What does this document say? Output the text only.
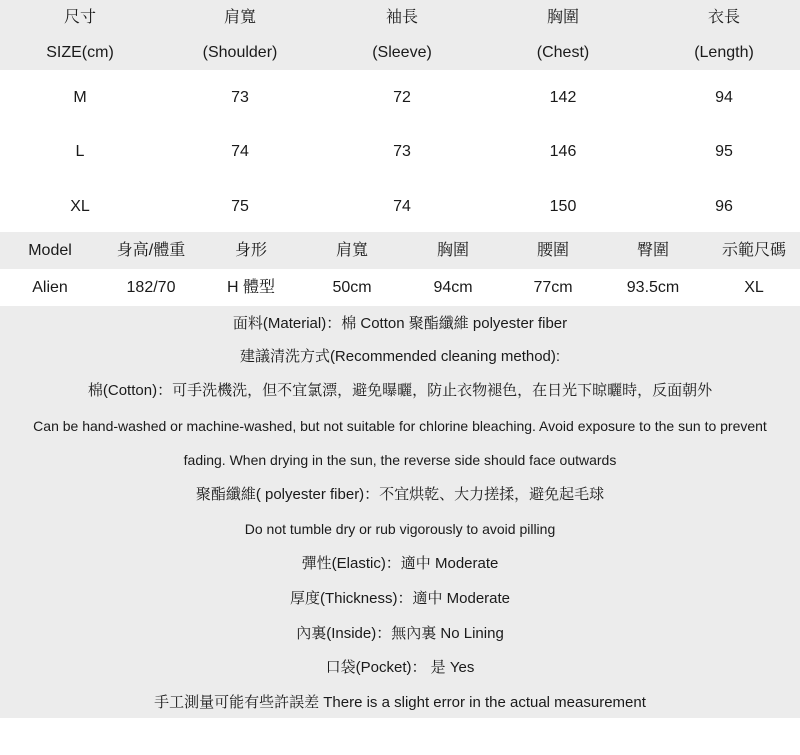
尺寸	肩寬	袖長	胸圍	衣長
SIZE(cm)	(Shoulder)	(Sleeve)	(Chest)	(Length)
M	73	72	142	94
L	74	73	146	95
XL	75	74	150	96
Model	身高/體重	身形	肩寬	胸圍	腰圍	臀圍	示範尺碼
Alien	182/70	H 體型	50cm	94cm	77cm	93.5cm	XL
面料(Material)：棉 Cotton 聚酯纖維 polyester fiber
建議清洗方式(Recommended cleaning method):
棉(Cotton)：可手洗機洗，但不宜氯漂，避免曝曬，防止衣物褪色，在日光下晾曬時，反面朝外
Can be hand-washed or machine-washed, but not suitable for chlorine bleaching. Avoid exposure to the sun to prevent
fading. When drying in the sun, the reverse side should face outwards
聚酯纖維( polyester fiber)：不宜烘乾、大力搓揉，避免起毛球
Do not tumble dry or rub vigorously to avoid pilling
彈性(Elastic)：適中 Moderate
厚度(Thickness)：適中 Moderate
內裏(Inside)：無內裏 No Lining
口袋(Pocket)： 是 Yes
手工測量可能有些許誤差 There is a slight error in the actual measurement
